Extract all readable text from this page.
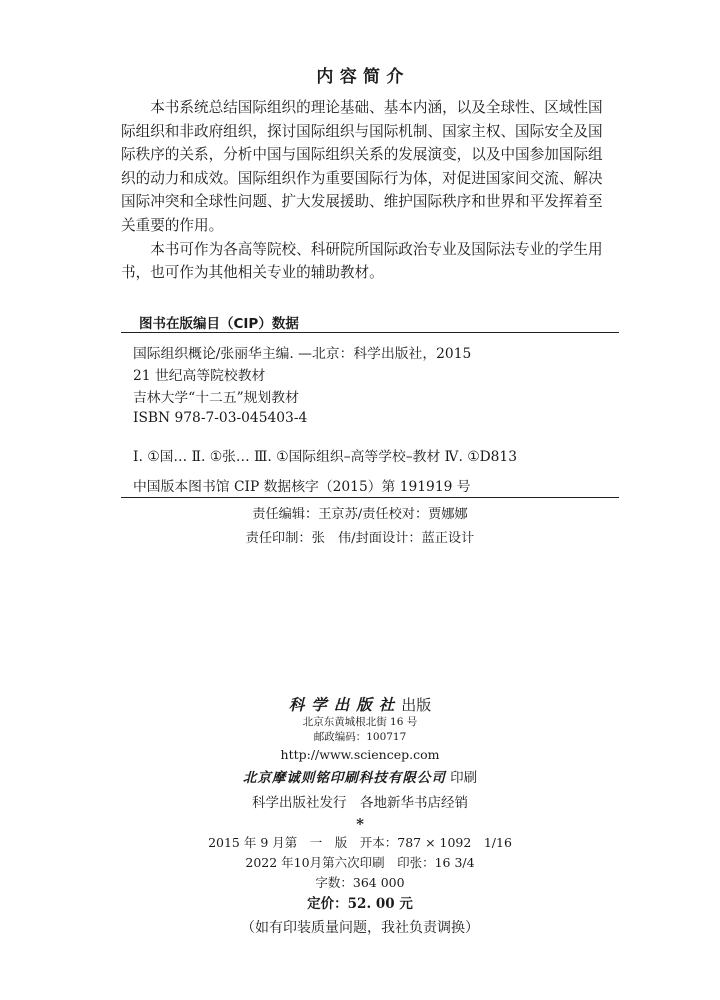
内 容 简 介

本书系统总结国际组织的理论基础、基本内涵，以及全球性、区域性国际组织和非政府组织，探讨国际组织与国际机制、国家主权、国际安全及国际秩序的关系，分析中国与国际组织关系的发展演变，以及中国参加国际组织的动力和成效。国际组织作为重要国际行为体，对促进国家间交流、解决国际冲突和全球性问题、扩大发展援助、维护国际秩序和世界和平发挥着至关重要的作用。

本书可作为各高等院校、科研院所国际政治专业及国际法专业的学生用书，也可作为其他相关专业的辅助教材。

图书在版编目（CIP）数据
国际组织概论/张丽华主编. —北京：科学出版社，2015
21 世纪高等院校教材
吉林大学“十二五”规划教材
ISBN 978-7-03-045403-4
Ⅰ. ①国… Ⅱ. ①张… Ⅲ. ①国际组织–高等学校–教材 Ⅳ. ①D813
中国版本图书馆 CIP 数据核字（2015）第 191919 号
责任编辑：王京苏/责任校对：贾娜娜
责任印制：张　伟/封面设计：蓝正设计
科学出版社出版
北京东黄城根北街 16 号
邮政编码：100717
http://www.sciencep.com
北京摩诚则铭印刷科技有限公司 印刷
科学出版社发行　各地新华书店经销
*
2015 年 9 月第　一　版　开本：787 × 1092　1/16
2022 年10月第六次印刷　印张：16 3/4
字数：364 000
定价：52. 00 元
（如有印装质量问题，我社负责调换）
